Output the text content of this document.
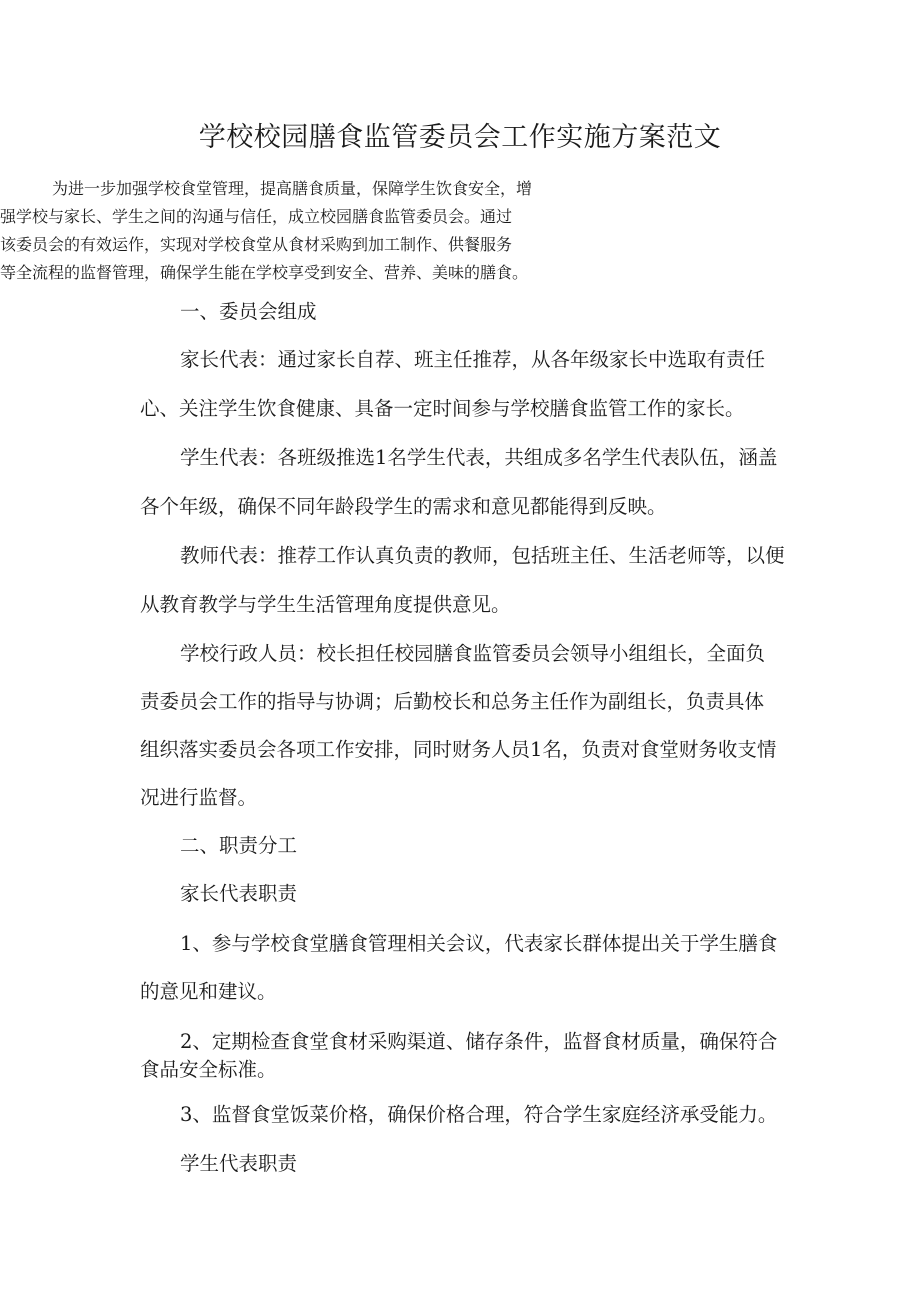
学校校园膳食监管委员会工作实施方案范文
为进一步加强学校食堂管理，提高膳食质量，保障学生饮食安全，增
强学校与家长、学生之间的沟通与信任，成立校园膳食监管委员会。通过
该委员会的有效运作，实现对学校食堂从食材采购到加工制作、供餐服务
等全流程的监督管理，确保学生能在学校享受到安全、营养、美味的膳食。
一、委员会组成
家长代表：通过家长自荐、班主任推荐，从各年级家长中选取有责任
心、关注学生饮食健康、具备一定时间参与学校膳食监管工作的家长。
学生代表：各班级推选1名学生代表，共组成多名学生代表队伍，涵盖
各个年级，确保不同年龄段学生的需求和意见都能得到反映。
教师代表：推荐工作认真负责的教师，包括班主任、生活老师等，以便
从教育教学与学生生活管理角度提供意见。
学校行政人员：校长担任校园膳食监管委员会领导小组组长，全面负
责委员会工作的指导与协调；后勤校长和总务主任作为副组长，负责具体
组织落实委员会各项工作安排，同时财务人员1名，负责对食堂财务收支情
况进行监督。
二、职责分工
家长代表职责
1、参与学校食堂膳食管理相关会议，代表家长群体提出关于学生膳食
的意见和建议。
2、定期检查食堂食材采购渠道、储存条件，监督食材质量，确保符合
食品安全标准。
3、监督食堂饭菜价格，确保价格合理，符合学生家庭经济承受能力。
学生代表职责
